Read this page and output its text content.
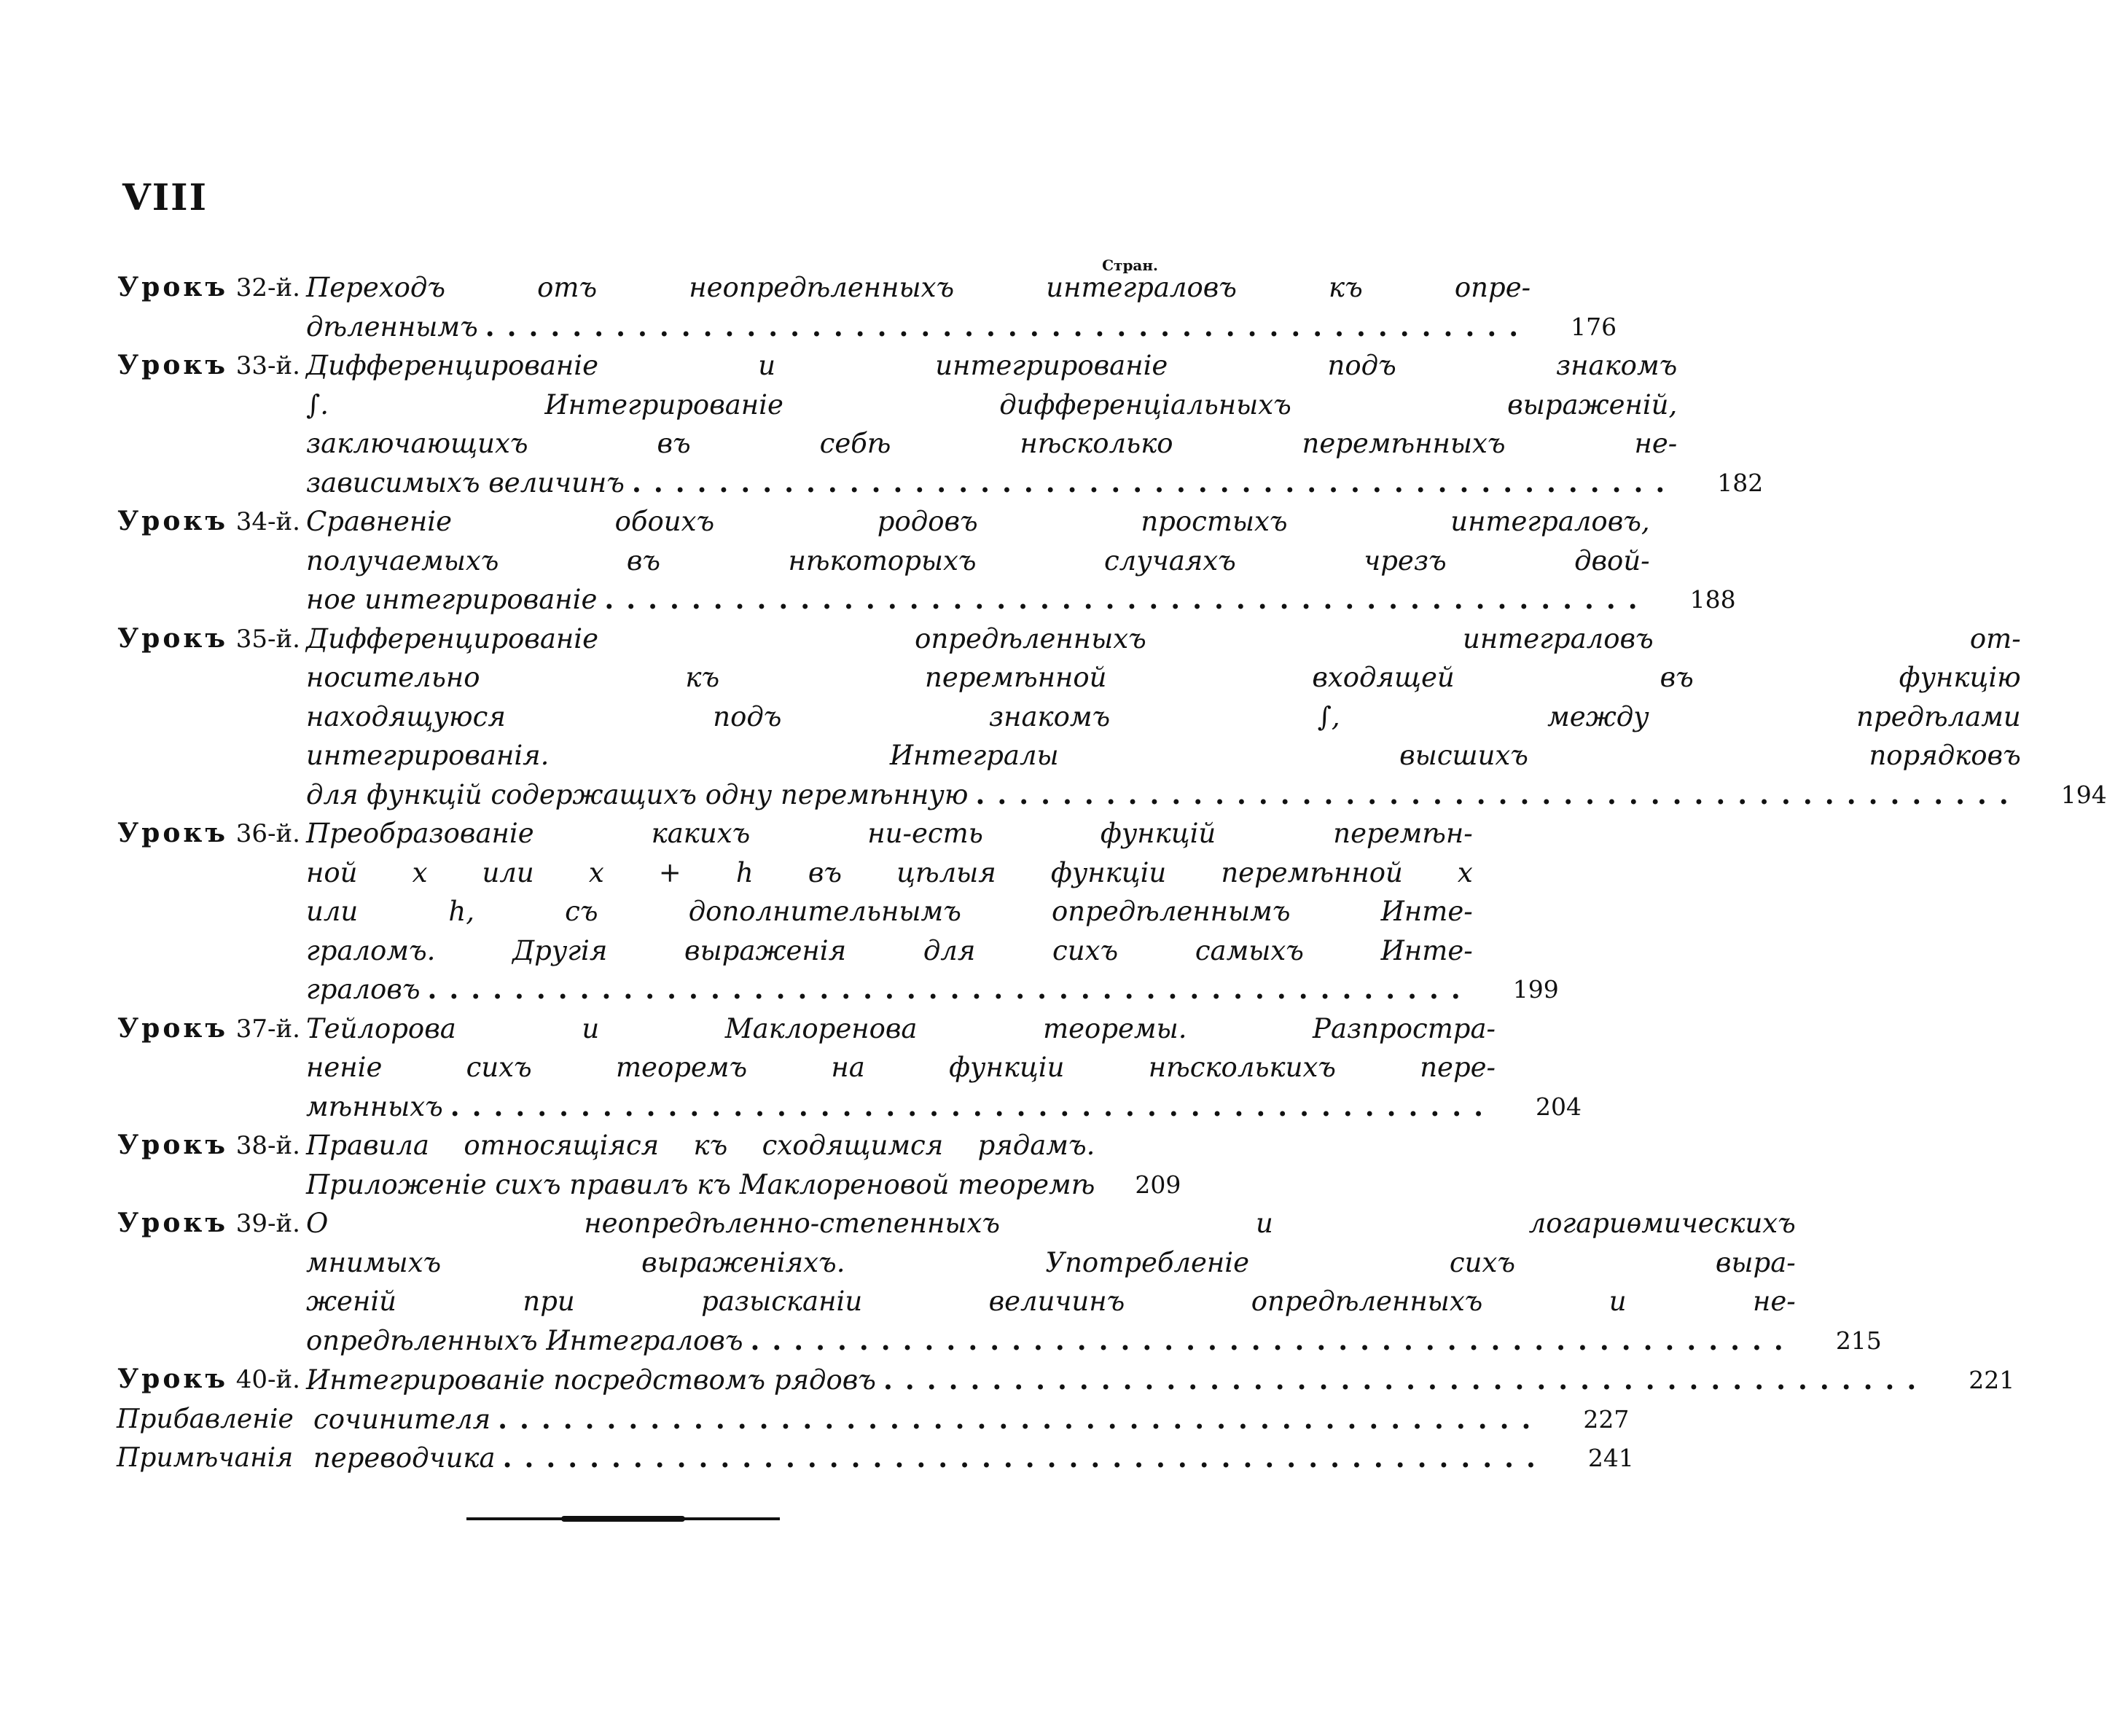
VIII
Стран.
Урокъ 32-й. Переходъ отъ неопредѣленныхъ интеграловъ къ опре-
дѣленнымъ ................................................	176
Урокъ 33-й. Дифференцированіе и интегрированіе подъ знакомъ
∫. Интегрированіе дифференціальныхъ выраженій,
заключающихъ въ себѣ нѣсколько перемѣнныхъ не-
зависимыхъ величинъ ................................................	182
Урокъ 34-й. Сравненіе обоихъ родовъ простыхъ интеграловъ,
получаемыхъ въ нѣкоторыхъ случаяхъ чрезъ двой-
ное интегрированіе ................................................	188
Урокъ 35-й. Дифференцированіе опредѣленныхъ интеграловъ от-
носительно къ перемѣнной входящей въ функцію
находящуюся подъ знакомъ ∫, между предѣлами
интегрированія. Интегралы высшихъ порядковъ
для функцій содержащихъ одну перемѣнную ................................................	194
Урокъ 36-й. Преобразованіе какихъ ни-есть функцій перемѣн-
ной x или x + h въ цѣлыя функціи перемѣнной x
или h, съ дополнительнымъ опредѣленнымъ Инте-
граломъ. Другія выраженія для сихъ самыхъ Инте-
граловъ ................................................	199
Урокъ 37-й. Тейлорова и Маклоренова теоремы. Разпростра-
неніе сихъ теоремъ на функціи нѣсколькихъ пере-
мѣнныхъ ................................................	204
Урокъ 38-й. Правила относящіяся къ сходящимся рядамъ.
Приложеніе сихъ правилъ къ Маклореновой теоремѣ	209
Урокъ 39-й. О неопредѣленно-степенныхъ и логариѳмическихъ
мнимыхъ выраженіяхъ. Употребленіе сихъ выра-
женій при разысканіи величинъ опредѣленныхъ и не-
опредѣленныхъ Интеграловъ ................................................	215
Урокъ 40-й. Интегрированіе посредствомъ рядовъ ................................................	221
Прибавленіе сочинителя ................................................	227
Примѣчанія переводчика ................................................	241
